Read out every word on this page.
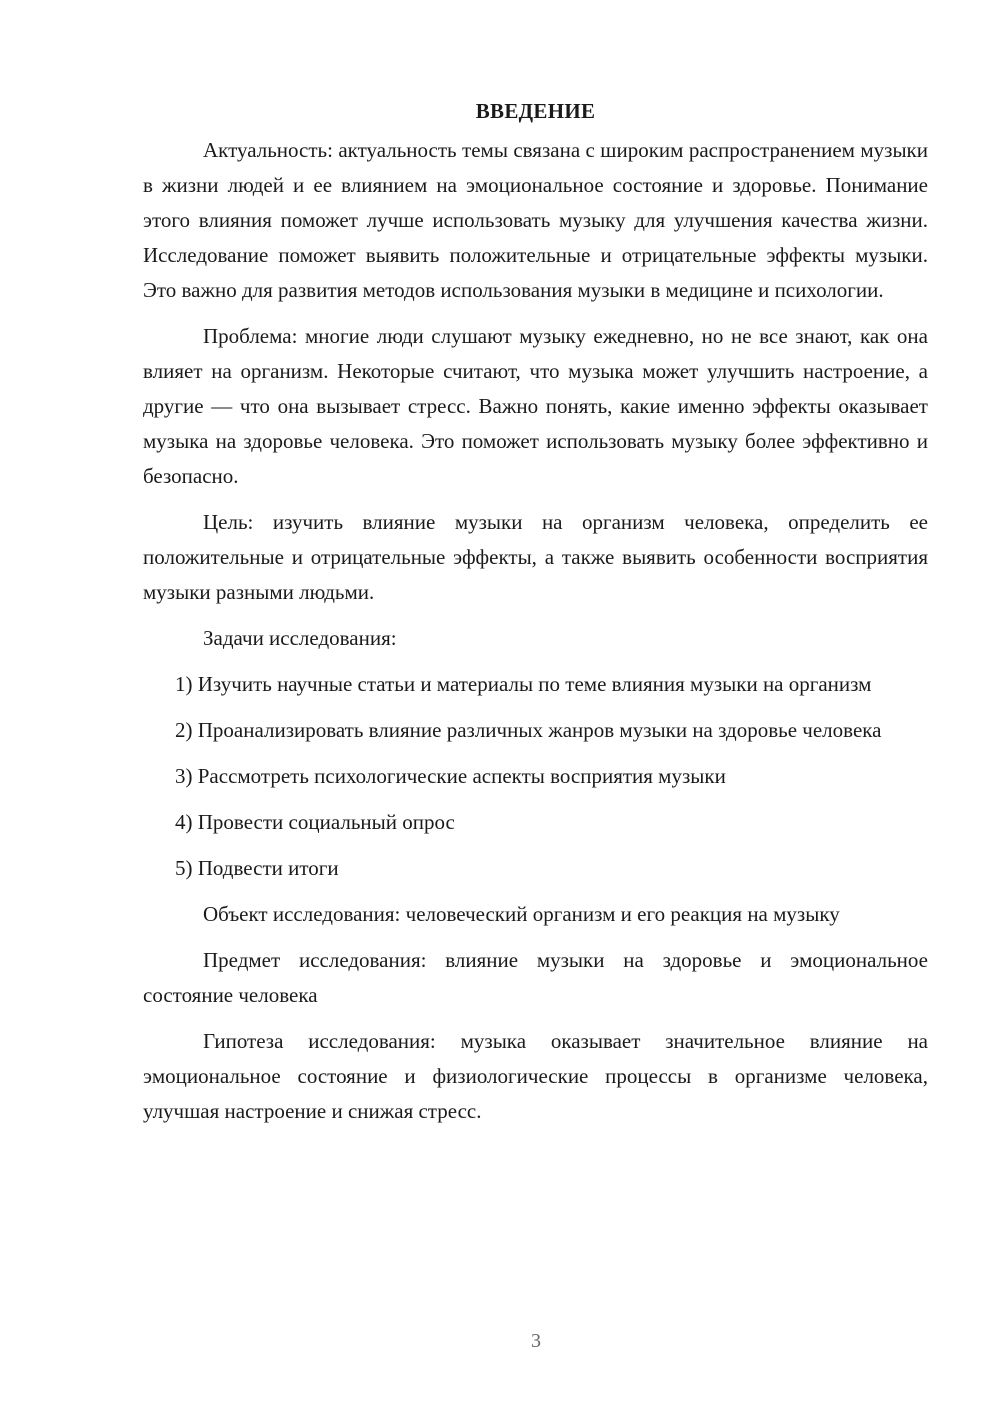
ВВЕДЕНИЕ

Актуальность: актуальность темы связана с широким распространением музыки в жизни людей и ее влиянием на эмоциональное состояние и здоровье. Понимание этого влияния поможет лучше использовать музыку для улучшения качества жизни. Исследование поможет выявить положительные и отрицательные эффекты музыки. Это важно для развития методов использования музыки в медицине и психологии.

Проблема: многие люди слушают музыку ежедневно, но не все знают, как она влияет на организм. Некоторые считают, что музыка может улучшить настроение, а другие — что она вызывает стресс. Важно понять, какие именно эффекты оказывает музыка на здоровье человека. Это поможет использовать музыку более эффективно и безопасно.

Цель: изучить влияние музыки на организм человека, определить ее положительные и отрицательные эффекты, а также выявить особенности восприятия музыки разными людьми.

Задачи исследования:

1) Изучить научные статьи и материалы по теме влияния музыки на организм

2) Проанализировать влияние различных жанров музыки на здоровье человека

3) Рассмотреть психологические аспекты восприятия музыки

4) Провести социальный опрос

5) Подвести итоги

Объект исследования: человеческий организм и его реакция на музыку

Предмет исследования: влияние музыки на здоровье и эмоциональное состояние человека

Гипотеза исследования: музыка оказывает значительное влияние на эмоциональное состояние и физиологические процессы в организме человека, улучшая настроение и снижая стресс.

3
